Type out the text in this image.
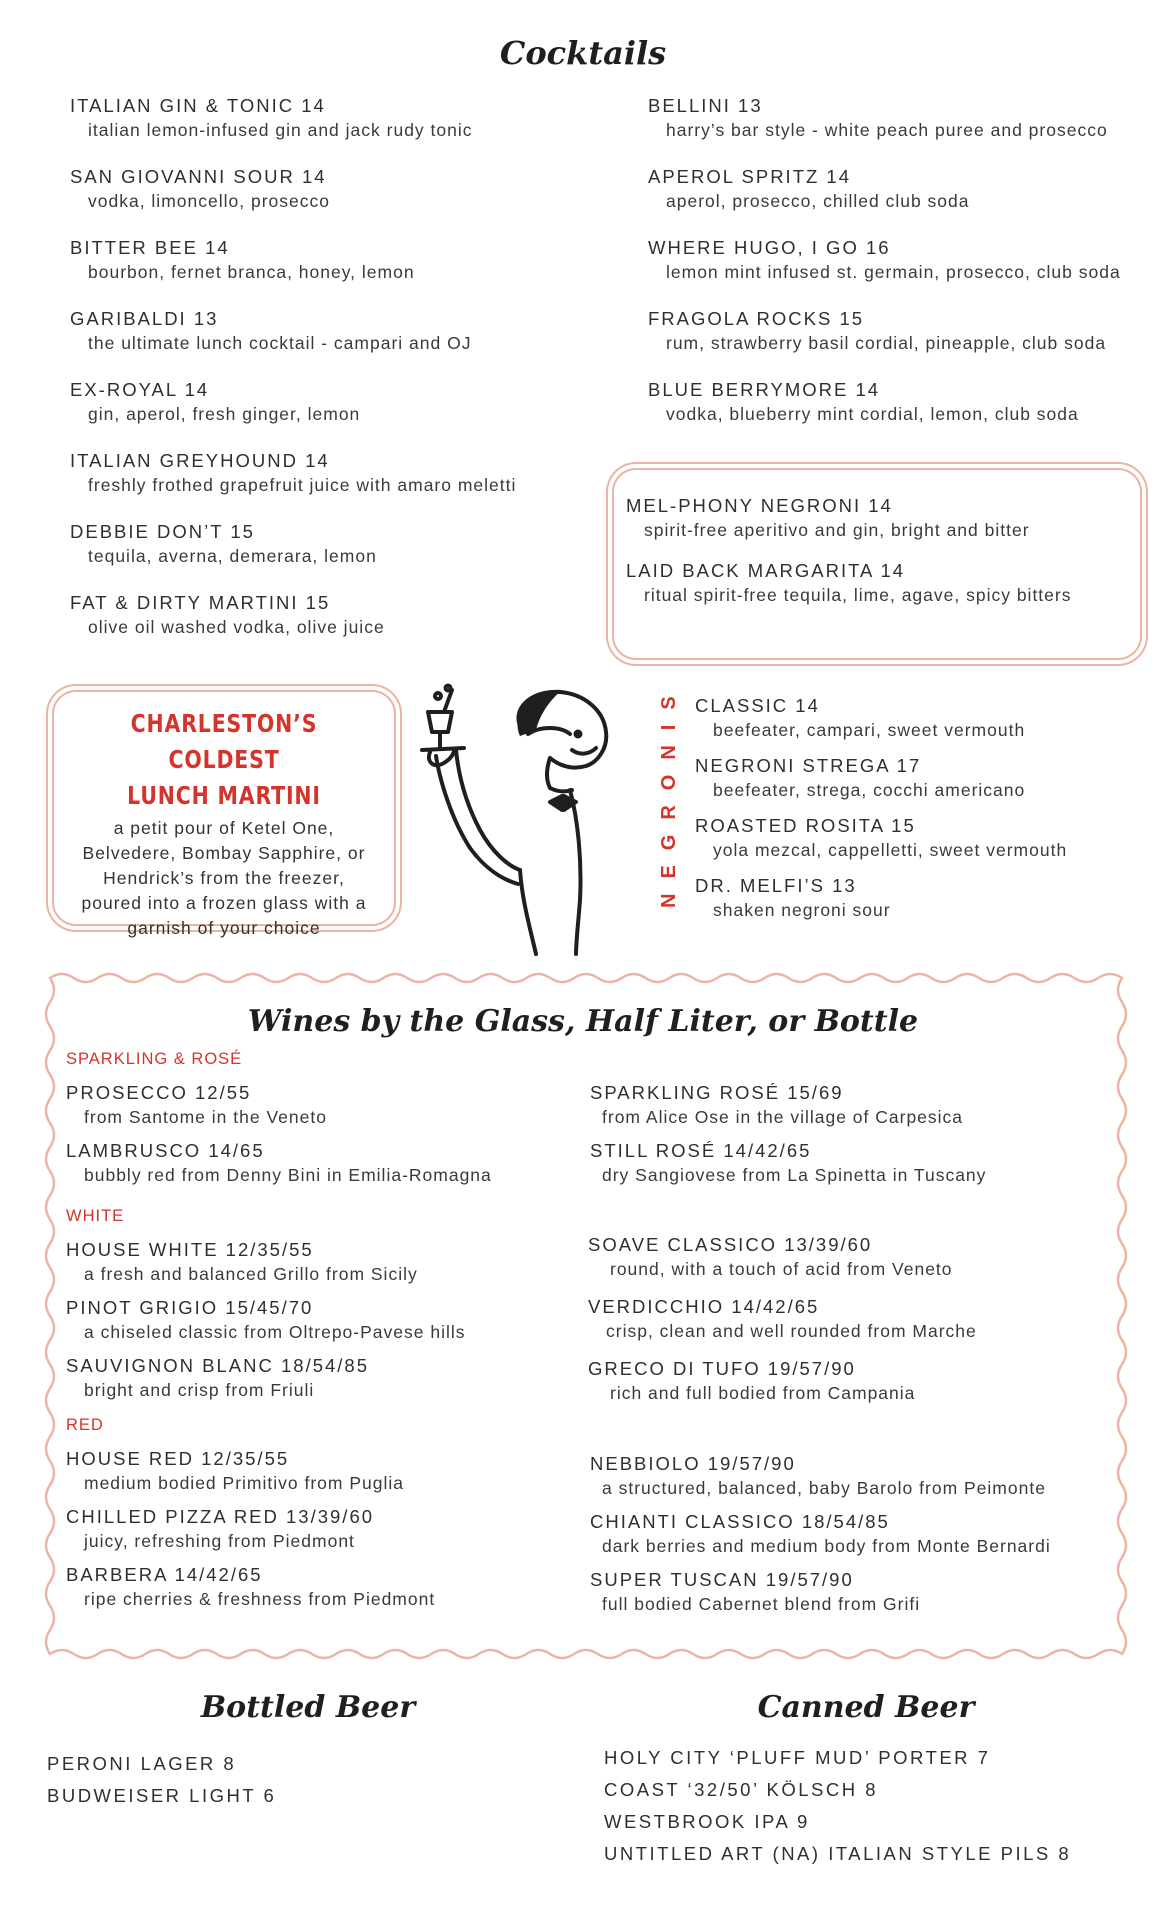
Cocktails
ITALIAN GIN & TONIC 14
italian lemon-infused gin and jack rudy tonic
SAN GIOVANNI SOUR 14
vodka, limoncello, prosecco
BITTER BEE 14
bourbon, fernet branca, honey, lemon
GARIBALDI 13
the ultimate lunch cocktail - campari and OJ
EX-ROYAL 14
gin, aperol, fresh ginger, lemon
ITALIAN GREYHOUND 14
freshly frothed grapefruit juice with amaro meletti
DEBBIE DON’T 15
tequila, averna, demerara, lemon
FAT & DIRTY MARTINI 15
olive oil washed vodka, olive juice
BELLINI 13
harry’s bar style - white peach puree and prosecco
APEROL SPRITZ 14
aperol, prosecco, chilled club soda
WHERE HUGO, I GO 16
lemon mint infused st. germain, prosecco, club soda
FRAGOLA ROCKS 15
rum, strawberry basil cordial, pineapple, club soda
BLUE BERRYMORE 14
vodka, blueberry mint cordial, lemon, club soda
MEL-PHONY NEGRONI 14
spirit-free aperitivo and gin, bright and bitter
LAID BACK MARGARITA 14
ritual spirit-free tequila, lime, agave, spicy bitters
CHARLESTON’S COLDEST
LUNCH MARTINI
a petit pour of Ketel One, Belvedere, Bombay Sapphire, or Hendrick’s from the freezer, poured into a frozen glass with a garnish of your choice
NEGRONIS CLASSIC 14
beefeater, campari, sweet vermouth
NEGRONI STREGA 17
beefeater, strega, cocchi americano
ROASTED ROSITA 15
yola mezcal, cappelletti, sweet vermouth
DR. MELFI’S 13
shaken negroni sour
Wines by the Glass, Half Liter, or Bottle
SPARKLING & ROSÉ
PROSECCO 12/55
from Santome in the Veneto
LAMBRUSCO 14/65
bubbly red from Denny Bini in Emilia-Romagna
WHITE
HOUSE WHITE 12/35/55
a fresh and balanced Grillo from Sicily
PINOT GRIGIO 15/45/70
a chiseled classic from Oltrepo-Pavese hills
SAUVIGNON BLANC 18/54/85
bright and crisp from Friuli
RED
HOUSE RED 12/35/55
medium bodied Primitivo from Puglia
CHILLED PIZZA RED 13/39/60
juicy, refreshing from Piedmont
BARBERA 14/42/65
ripe cherries & freshness from Piedmont
SPARKLING ROSÉ 15/69
from Alice Ose in the village of Carpesica
STILL ROSÉ 14/42/65
dry Sangiovese from La Spinetta in Tuscany
SOAVE CLASSICO 13/39/60
round, with a touch of acid from Veneto
VERDICCHIO 14/42/65
crisp, clean and well rounded from Marche
GRECO DI TUFO 19/57/90
rich and full bodied from Campania
NEBBIOLO 19/57/90
a structured, balanced, baby Barolo from Peimonte
CHIANTI CLASSICO 18/54/85
dark berries and medium body from Monte Bernardi
SUPER TUSCAN 19/57/90
full bodied Cabernet blend from Grifi
Bottled Beer
PERONI LAGER 8
BUDWEISER LIGHT 6
Canned Beer
HOLY CITY ‘PLUFF MUD’ PORTER 7
COAST ‘32/50’ KÖLSCH 8
WESTBROOK IPA 9
UNTITLED ART (NA) ITALIAN STYLE PILS 8
